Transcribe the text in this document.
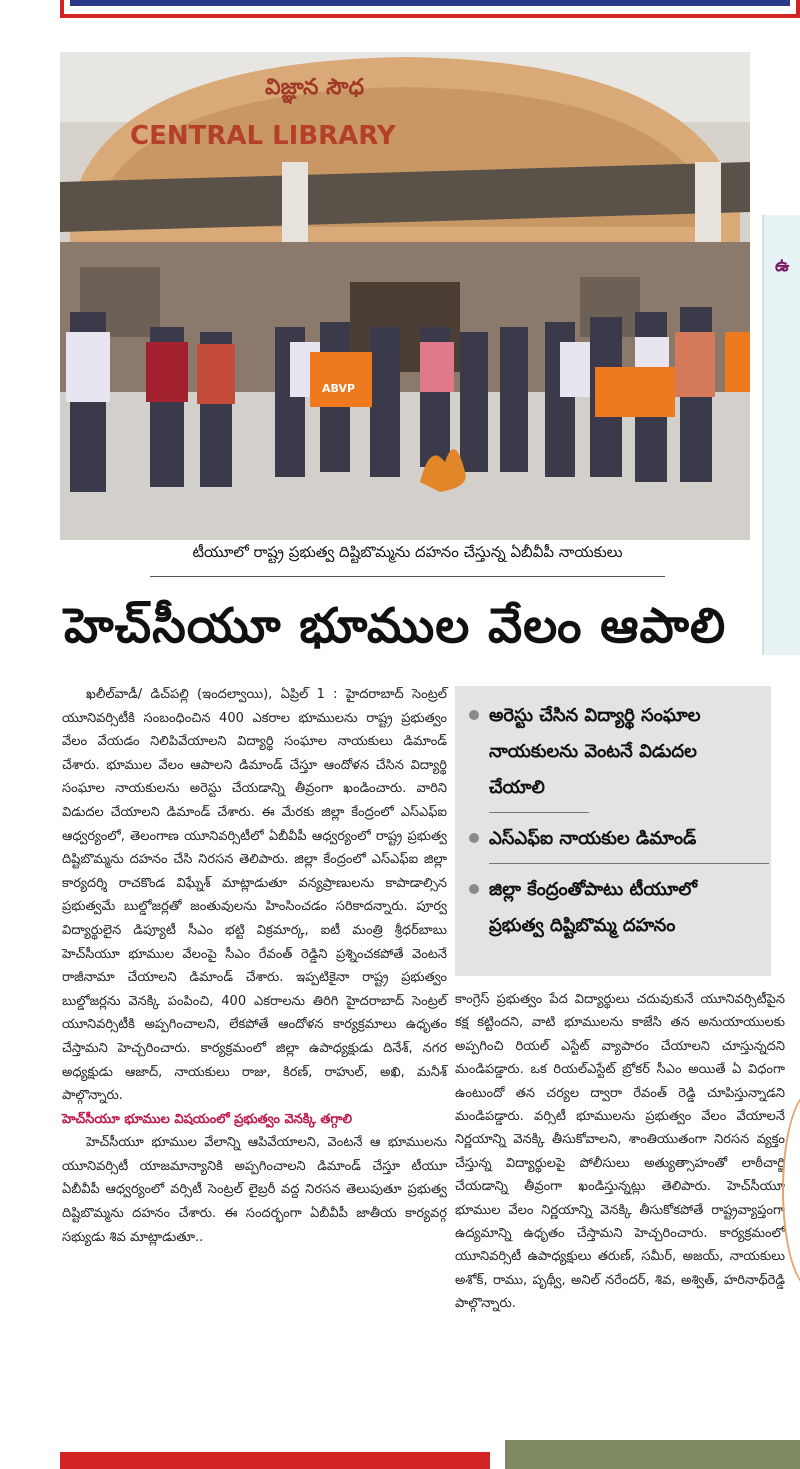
విజ్ఞాన సౌధ
CENTRAL LIBRARY
ABVP
టీయూలో రాష్ట్ర ప్రభుత్వ దిష్టిబొమ్మను దహనం చేస్తున్న ఏబీవీపీ నాయకులు
హెచ్‌సీయూ భూముల వేలం ఆపాలి

ఖలీల్‌వాడీ/ డిచ్‌పల్లి (ఇందల్వాయి), ఏప్రిల్ 1 : హైదరాబాద్ సెంట్రల్ యూనివర్సిటీకి సంబంధించిన 400 ఎకరాల భూములను రాష్ట్ర ప్రభుత్వం వేలం వేయడం నిలిపివేయాలని విద్యార్థి సంఘాల నాయకులు డిమాండ్ చేశారు. భూముల వేలం ఆపాలని డిమాండ్ చేస్తూ ఆందోళన చేసిన విద్యార్థి సంఘాల నాయకులను అరెస్టు చేయడాన్ని తీవ్రంగా ఖండించారు. వారిని విడుదల చేయాలని డిమాండ్ చేశారు. ఈ మేరకు జిల్లా కేంద్రంలో ఎస్‌ఎఫ్‌ఐ ఆధ్వర్యంలో, తెలంగాణ యూనివర్సిటీలో ఏబీవీపీ ఆధ్వర్యంలో రాష్ట్ర ప్రభుత్వ దిష్టిబొమ్మను దహనం చేసి నిరసన తెలిపారు. జిల్లా కేంద్రంలో ఎస్‌ఎఫ్‌ఐ జిల్లా కార్యదర్శి రాచకొండ విఘ్నేశ్ మాట్లాడుతూ వన్యప్రాణులను కాపాడాల్సిన ప్రభుత్వమే బుల్డోజర్లతో జంతువులను హింసించడం సరికాదన్నారు. పూర్వ విద్యార్థులైన డిప్యూటీ సీఎం భట్టి విక్రమార్క, ఐటీ మంత్రి శ్రీధర్‌బాబు హెచ్‌సీయూ భూముల వేలంపై సీఎం రేవంత్ రెడ్డిని ప్రశ్నించకపోతే వెంటనే రాజీనామా చేయాలని డిమాండ్ చేశారు. ఇప్పటికైనా రాష్ట్ర ప్రభుత్వం బుల్డోజర్లను వెనక్కి పంపించి, 400 ఎకరాలను తిరిగి హైదరాబాద్ సెంట్రల్ యూనివర్సిటీకి అప్పగించాలని, లేకపోతే ఆందోళన కార్యక్రమాలు ఉధృతం చేస్తామని హెచ్చరించారు. కార్యక్రమంలో జిల్లా ఉపాధ్యక్షుడు దినేశ్, నగర అధ్యక్షుడు ఆజాద్, నాయకులు రాజు, కిరణ్, రాహుల్, అఖి, మనీశ్ పాల్గొన్నారు.

హెచ్‌సీయూ భూముల విషయంలో ప్రభుత్వం వెనక్కి తగ్గాలి

హెచ్‌సీయూ భూముల వేలాన్ని ఆపివేయాలని, వెంటనే ఆ భూములను యూనివర్సిటీ యాజమాన్యానికి అప్పగించాలని డిమాండ్ చేస్తూ టీయూ ఏబీవీపీ ఆధ్వర్యంలో వర్సిటీ సెంట్రల్ లైబ్రరీ వద్ద నిరసన తెలుపుతూ ప్రభుత్వ దిష్టిబొమ్మను దహనం చేశారు. ఈ సందర్భంగా ఏబీవీపీ జాతీయ కార్యవర్గ సభ్యుడు శివ మాట్లాడుతూ..

అరెస్టు చేసిన విద్యార్థి సంఘాల నాయకులను వెంటనే విడుదల చేయాలి
ఎస్‌ఎఫ్‌ఐ నాయకుల డిమాండ్
జిల్లా కేంద్రంతోపాటు టీయూలో ప్రభుత్వ దిష్టిబొమ్మ దహనం
కాంగ్రెస్ ప్రభుత్వం పేద విద్యార్థులు చదువుకునే యూనివర్సిటీపైన కక్ష కట్టిందని, వాటి భూములను కాజేసి తన అనుయాయులకు అప్పగించి రియల్ ఎస్టేట్ వ్యాపారం చేయాలని చూస్తున్నదని మండిపడ్డారు. ఒక రియల్‌ఎస్టేట్ బ్రోకర్ సీఎం అయితే ఏ విధంగా ఉంటుందో తన చర్యల ద్వారా రేవంత్ రెడ్డి చూపిస్తున్నాడని మండిపడ్డారు. వర్సిటీ భూములను ప్రభుత్వం వేలం వేయాలనే నిర్ణయాన్ని వెనక్కి తీసుకోవాలని, శాంతియుతంగా నిరసన వ్యక్తం చేస్తున్న విద్యార్థులపై పోలీసులు అత్యుత్సాహంతో లాఠీచార్జి చేయడాన్ని తీవ్రంగా ఖండిస్తున్నట్లు తెలిపారు. హెచ్‌సీయూ భూముల వేలం నిర్ణయాన్ని వెనక్కి తీసుకోకపోతే రాష్ట్రవ్యాప్తంగా ఉద్యమాన్ని ఉధృతం చేస్తామని హెచ్చరించారు. కార్యక్రమంలో యూనివర్సిటీ ఉపాధ్యక్షులు తరుణ్, సమీర్, అజయ్, నాయకులు అశోక్, రాము, పృథ్వీ, అనిల్ నరేందర్, శివ, అశ్విత్, హరినాథ్‌రెడ్డి పాల్గొన్నారు.
ఉ
